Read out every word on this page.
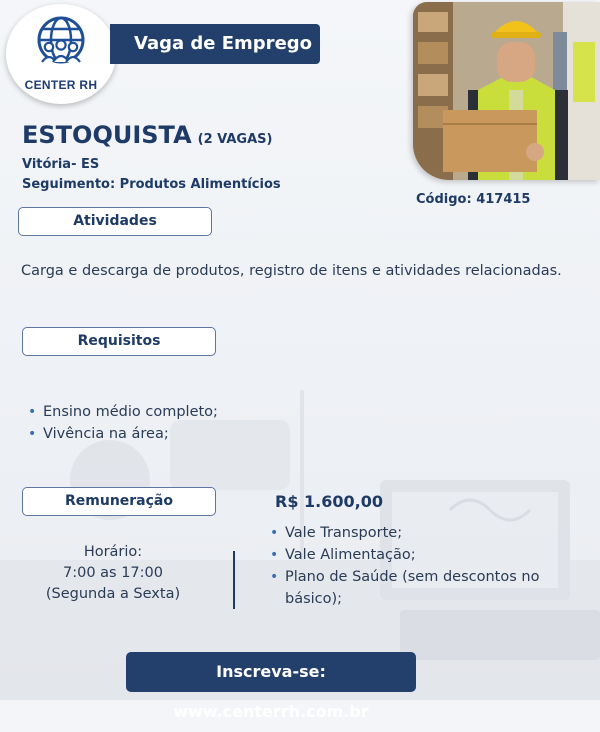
CENTER RH
Vaga de Emprego
ESTOQUISTA (2 VAGAS)
Vitória- ES
Seguimento: Produtos Alimentícios
Código: 417415
Atividades
Carga e descarga de produtos, registro de itens e atividades relacionadas.
Requisitos
• Ensino médio completo;
• Vivência na área;
Remuneração	R$ 1.600,00
Horário:
7:00 as 17:00
(Segunda a Sexta)
• Vale Transporte;
• Vale Alimentação;
• Plano de Saúde (sem descontos no básico);
Inscreva-se: www.centerrh.com.br
